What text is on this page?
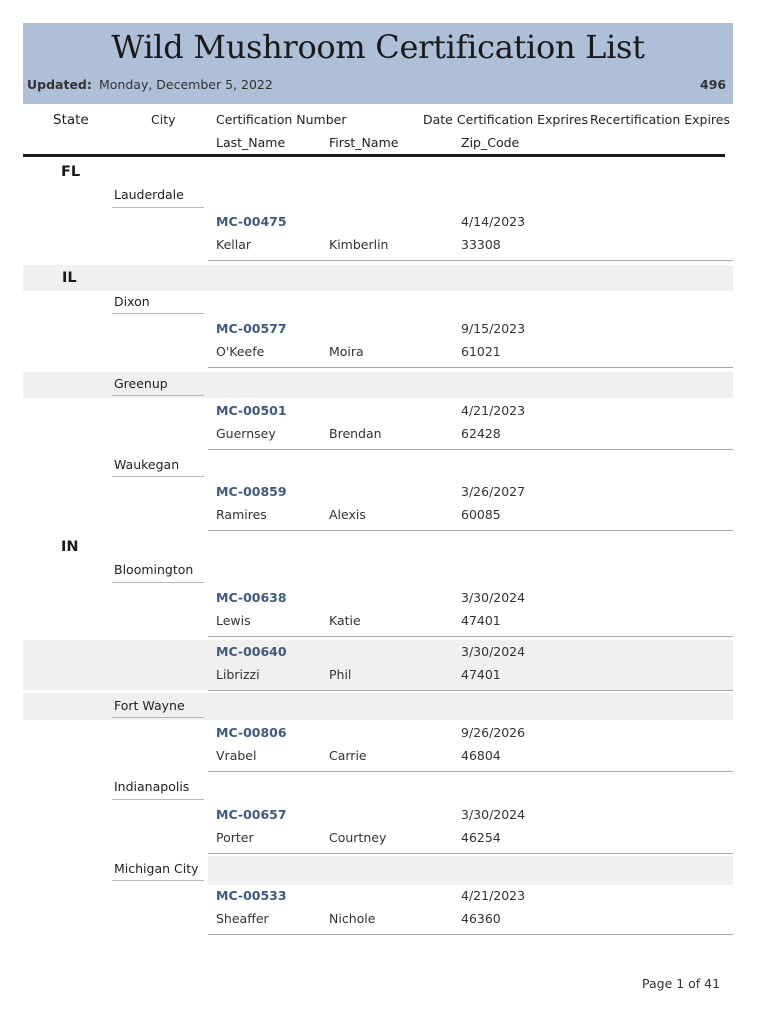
Wild Mushroom Certification List
Updated: Monday, December 5, 2022	496
State	City	Certification Number	Date Certification Exprires Recertification Expires
Last_Name	First_Name	Zip_Code
FL
Lauderdale
MC-00475	4/14/2023
Kellar	Kimberlin	33308
IL
Dixon
MC-00577	9/15/2023
O'Keefe	Moira	61021
Greenup
MC-00501	4/21/2023
Guernsey	Brendan	62428
Waukegan
MC-00859	3/26/2027
Ramires	Alexis	60085
IN
Bloomington
MC-00638	3/30/2024
Lewis	Katie	47401
MC-00640	3/30/2024
Librizzi	Phil	47401
Fort Wayne
MC-00806	9/26/2026
Vrabel	Carrie	46804
Indianapolis
MC-00657	3/30/2024
Porter	Courtney	46254
Michigan City
MC-00533	4/21/2023
Sheaffer	Nichole	46360
Page 1 of 41
